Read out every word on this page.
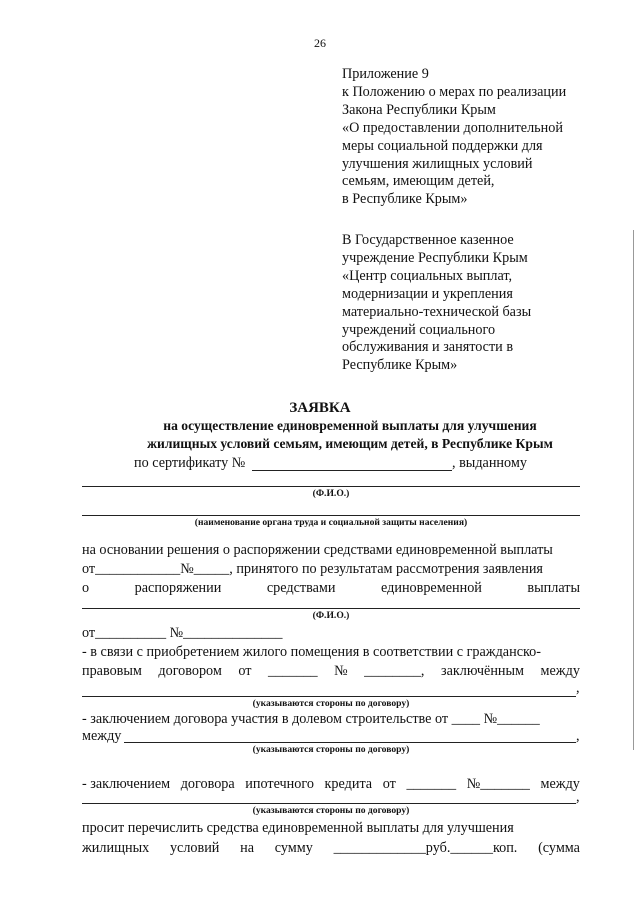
26
Приложение 9
к Положению о мерах по реализации
Закона Республики Крым
«О предоставлении дополнительной
меры социальной поддержки для
улучшения жилищных условий
семьям, имеющим детей,
в Республике Крым»
В Государственное казенное
учреждение Республики Крым
«Центр социальных выплат,
модернизации и укрепления
материально-технической базы
учреждений социального
обслуживания и занятости в
Республике Крым»
ЗАЯВКА
на осуществление единовременной выплаты для улучшения
жилищных условий семьям, имеющим детей, в Республике Крым
по сертификату №	, выданному
(Ф.И.О.)
(наименование органа труда и социальной защиты населения)
на основании решения о распоряжении средствами единовременной выплаты
от____________№_____, принятого по результатам рассмотрения заявления
о	распоряжении	средствами	единовременной	выплаты
(Ф.И.О.)
от__________ №______________
- в связи с приобретением жилого помещения в соответствии с гражданско-
правовым договором от _______ № ________, заключённым между
,
(указываются стороны по договору)
- заключением договора участия в долевом строительстве от ____ №______
между	,
(указываются стороны по договору)
- заключением договора ипотечного кредита от _______ №_______ между
,
(указываются стороны по договору)
просит перечислить средства единовременной выплаты для улучшения
жилищных условий на сумму _____________руб.______коп. (сумма
